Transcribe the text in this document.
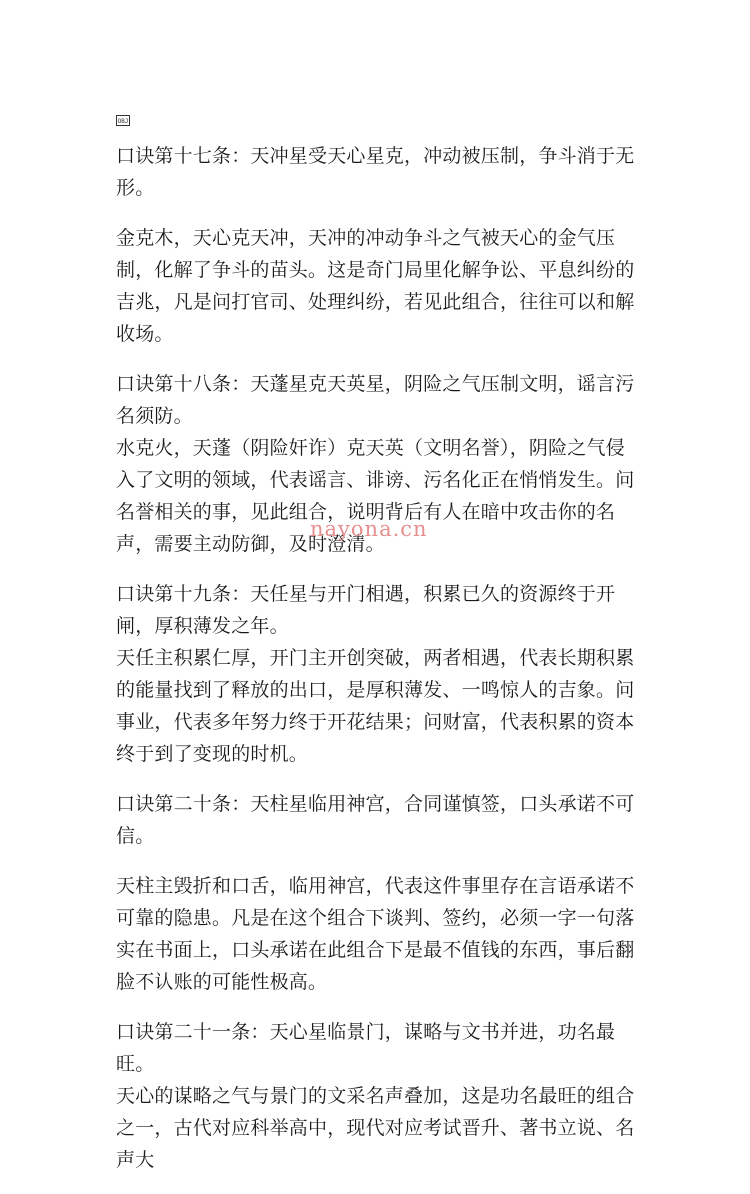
OBJ

口诀第十七条：天冲星受天心星克，冲动被压制，争斗消于无形。

金克木，天心克天冲，天冲的冲动争斗之气被天心的金气压制，化解了争斗的苗头。这是奇门局里化解争讼、平息纠纷的吉兆，凡是问打官司、处理纠纷，若见此组合，往往可以和解收场。

口诀第十八条：天蓬星克天英星，阴险之气压制文明，谣言污名须防。

水克火，天蓬（阴险奸诈）克天英（文明名誉），阴险之气侵入了文明的领域，代表谣言、诽谤、污名化正在悄悄发生。问名誉相关的事，见此组合，说明背后有人在暗中攻击你的名声，需要主动防御，及时澄清。

口诀第十九条：天任星与开门相遇，积累已久的资源终于开闸，厚积薄发之年。

天任主积累仁厚，开门主开创突破，两者相遇，代表长期积累的能量找到了释放的出口，是厚积薄发、一鸣惊人的吉象。问事业，代表多年努力终于开花结果；问财富，代表积累的资本终于到了变现的时机。

口诀第二十条：天柱星临用神宫，合同谨慎签，口头承诺不可信。

天柱主毁折和口舌，临用神宫，代表这件事里存在言语承诺不可靠的隐患。凡是在这个组合下谈判、签约，必须一字一句落实在书面上，口头承诺在此组合下是最不值钱的东西，事后翻脸不认账的可能性极高。

口诀第二十一条：天心星临景门，谋略与文书并进，功名最旺。

天心的谋略之气与景门的文采名声叠加，这是功名最旺的组合之一，古代对应科举高中，现代对应考试晋升、著书立说、名声大

nayona.cn
